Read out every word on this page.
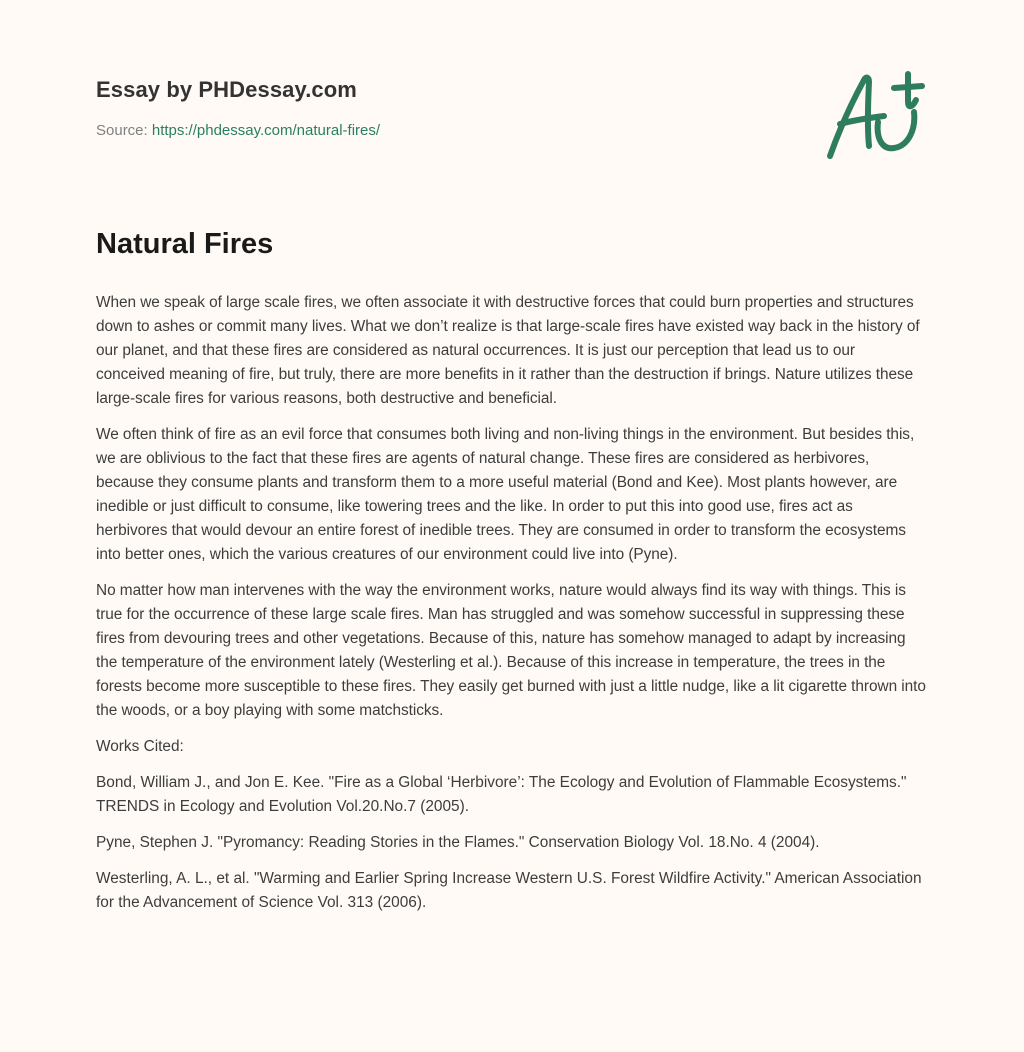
Essay by PHDessay.com
Source: https://phdessay.com/natural-fires/
Natural Fires

When we speak of large scale fires, we often associate it with destructive forces that could burn properties and structures down to ashes or commit many lives. What we don’t realize is that large-scale fires have existed way back in the history of our planet, and that these fires are considered as natural occurrences. It is just our perception that lead us to our conceived meaning of fire, but truly, there are more benefits in it rather than the destruction if brings. Nature utilizes these large-scale fires for various reasons, both destructive and beneficial.

We often think of fire as an evil force that consumes both living and non-living things in the environment. But besides this, we are oblivious to the fact that these fires are agents of natural change. These fires are considered as herbivores, because they consume plants and transform them to a more useful material (Bond and Kee). Most plants however, are inedible or just difficult to consume, like towering trees and the like. In order to put this into good use, fires act as herbivores that would devour an entire forest of inedible trees. They are consumed in order to transform the ecosystems into better ones, which the various creatures of our environment could live into (Pyne).

No matter how man intervenes with the way the environment works, nature would always find its way with things. This is true for the occurrence of these large scale fires. Man has struggled and was somehow successful in suppressing these fires from devouring trees and other vegetations. Because of this, nature has somehow managed to adapt by increasing the temperature of the environment lately (Westerling et al.). Because of this increase in temperature, the trees in the forests become more susceptible to these fires. They easily get burned with just a little nudge, like a lit cigarette thrown into the woods, or a boy playing with some matchsticks.

Works Cited:

Bond, William J., and Jon E. Kee. "Fire as a Global ‘Herbivore’: The Ecology and Evolution of Flammable Ecosystems." TRENDS in Ecology and Evolution Vol.20.No.7 (2005).

Pyne, Stephen J. "Pyromancy: Reading Stories in the Flames." Conservation Biology Vol. 18.No. 4 (2004).

Westerling, A. L., et al. "Warming and Earlier Spring Increase Western U.S. Forest Wildfire Activity." American Association for the Advancement of Science Vol. 313 (2006).
